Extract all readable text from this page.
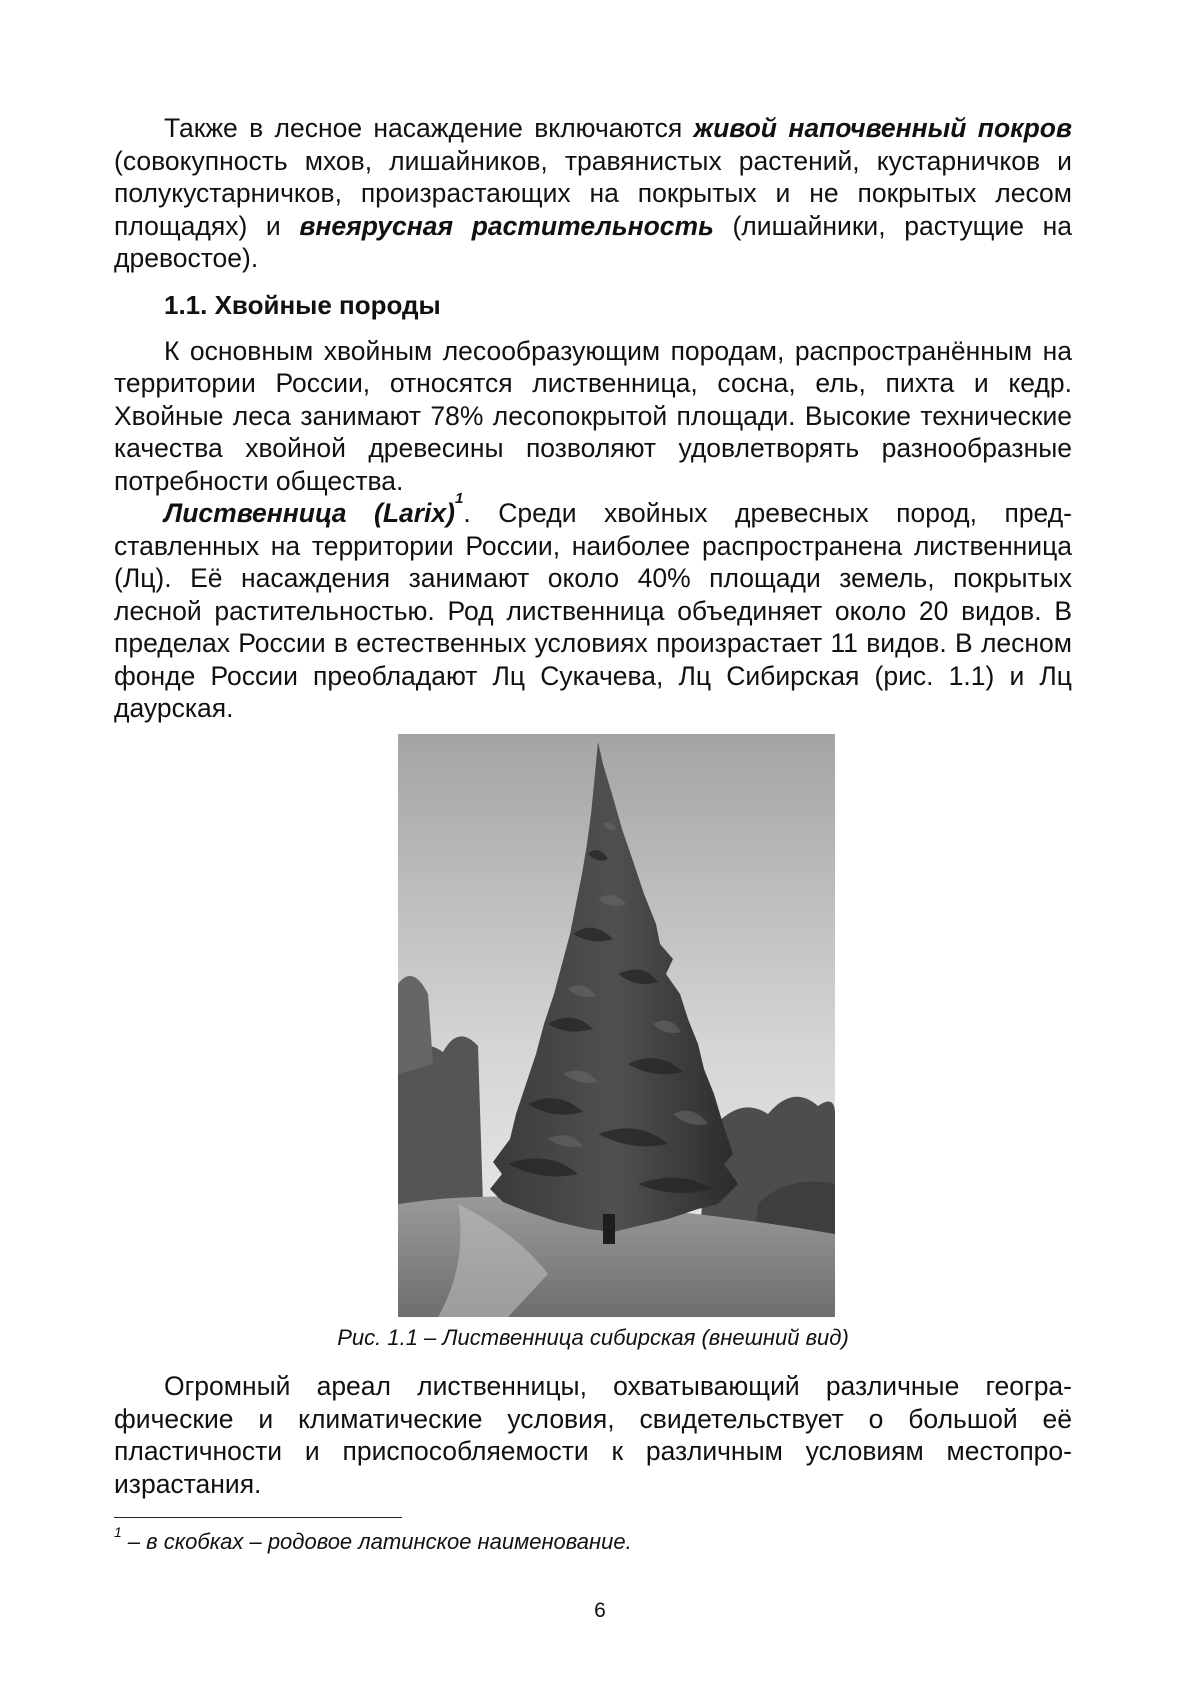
Также в лесное насаждение включаются живой напочвенный покров (совокупность мхов, лишайников, травянистых растений, кустарничков и полукустарничков, произрастающих на покрытых и не покрытых лесом площадях) и внеярусная растительность (лишайники, растущие на древостое).

1.1. Хвойные породы

К основным хвойным лесообразующим породам, распространённым на территории России, относятся лиственница, сосна, ель, пихта и кедр. Хвойные леса занимают 78% лесопокрытой площади. Высокие технические качества хвойной древесины позволяют удовлетворять разнообразные потребности общества.

Лиственница (Larix)$^1$. Среди хвойных древесных пород, представленных на территории России, наиболее распространена лиственница (Лц). Её насаждения занимают около 40% площади земель, покрытых лесной растительностью. Род лиственница объединяет около 20 видов. В пределах России в естественных условиях произрастает 11 видов. В лесном фонде России преобладают Лц Сукачева, Лц Сибирская (рис. 1.1) и Лц даурская.

Рис. 1.1 – Лиственница сибирская (внешний вид)

Огромный ареал лиственницы, охватывающий различные географические и климатические условия, свидетельствует о большой её пластичности и приспособляемости к различным условиям местопроизрастания.

$^1$ – в скобках – родовое латинское наименование.
6
